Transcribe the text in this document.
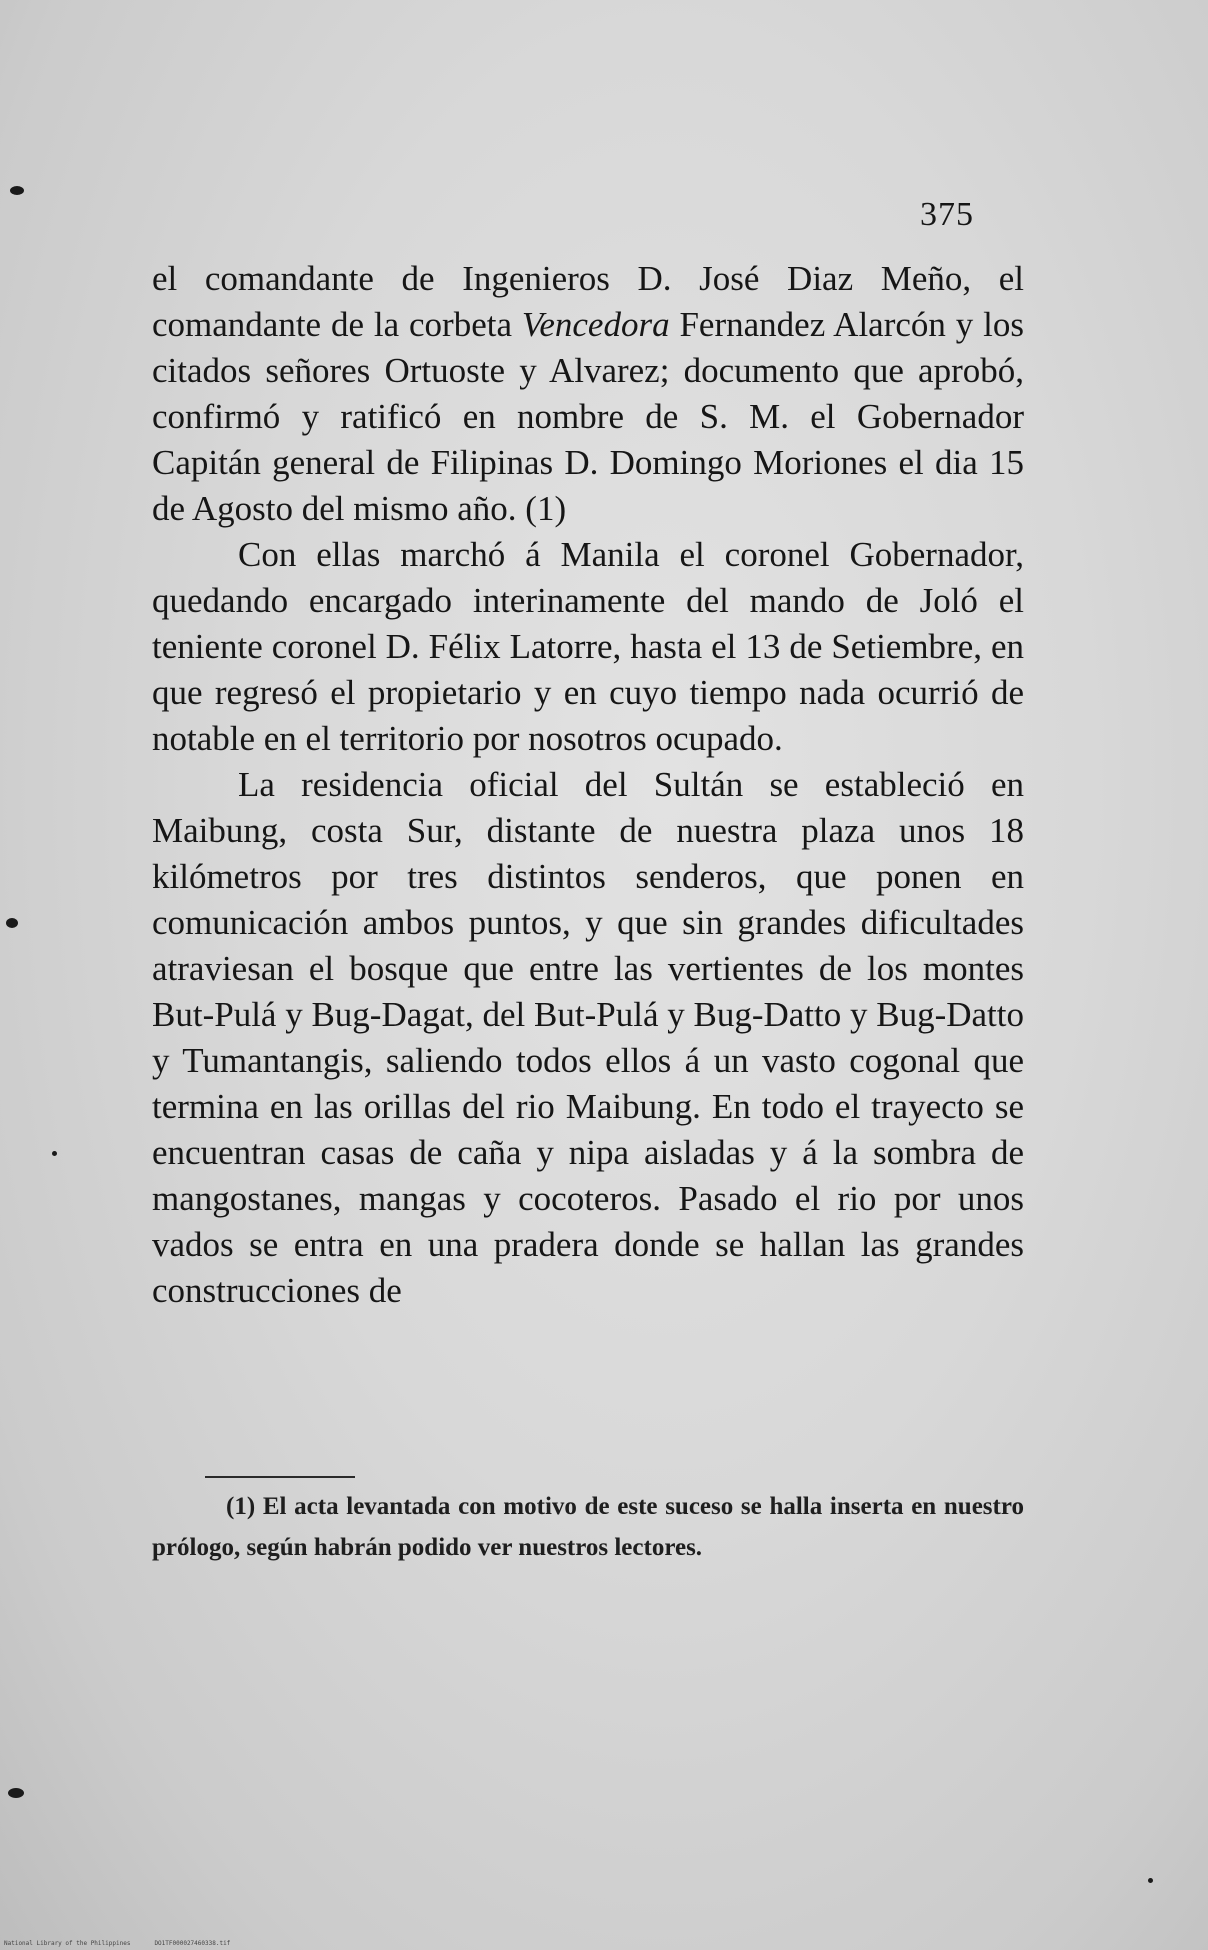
375

el comandante de Ingenieros D. José Diaz Meño, el comandante de la corbeta Vencedora Fernandez Alarcón y los citados señores Ortuoste y Alvarez; documento que aprobó, confirmó y ratificó en nombre de S. M. el Gobernador Capitán general de Filipinas D. Domingo Moriones el dia 15 de Agosto del mismo año. (1)

Con ellas marchó á Manila el coronel Gobernador, quedando encargado interinamente del mando de Joló el teniente coronel D. Félix Latorre, hasta el 13 de Setiembre, en que regresó el propietario y en cuyo tiempo nada ocurrió de notable en el territorio por nosotros ocupado.

La residencia oficial del Sultán se estableció en Maibung, costa Sur, distante de nuestra plaza unos 18 kilómetros por tres distintos senderos, que ponen en comunicación ambos puntos, y que sin grandes dificultades atraviesan el bosque que entre las vertientes de los montes But-Pulá y Bug-Dagat, del But-Pulá y Bug-Datto y Bug-Datto y Tumantangis, saliendo todos ellos á un vasto cogonal que termina en las orillas del rio Maibung. En todo el trayecto se encuentran casas de caña y nipa aisladas y á la sombra de mangostanes, mangas y cocoteros. Pasado el rio por unos vados se entra en una pradera donde se hallan las grandes construcciones de

(1) El acta levantada con motivo de este suceso se halla inserta en nuestro prólogo, según habrán podido ver nuestros lectores.
National Library of the Philippines	DO1TF000027460338.tif
